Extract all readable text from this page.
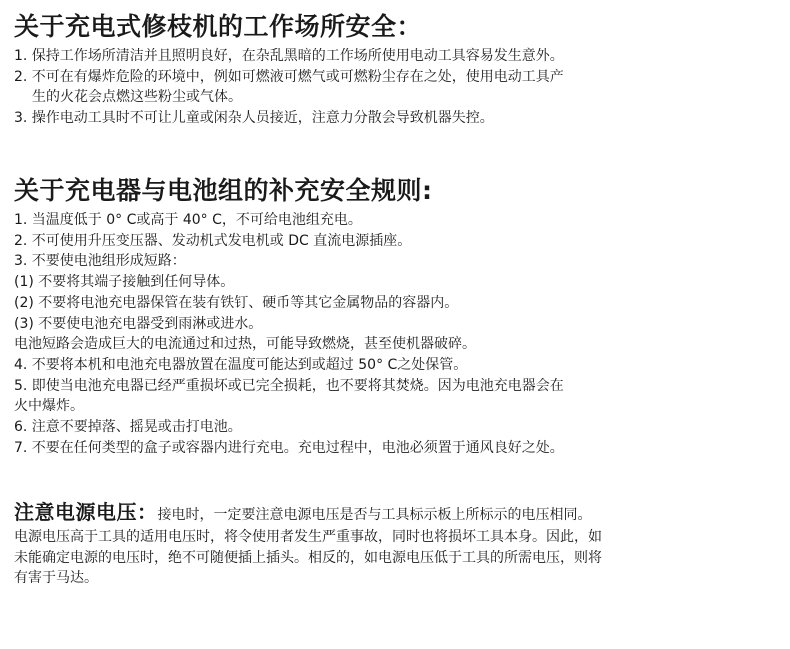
关于充电式修枝机的工作场所安全：

1. 保持工作场所清洁并且照明良好，在杂乱黑暗的工作场所使用电动工具容易发生意外。

2. 不可在有爆炸危险的环境中，例如可燃液可燃气或可燃粉尘存在之处，使用电动工具产

生的火花会点燃这些粉尘或气体。

3. 操作电动工具时不可让儿童或闲杂人员接近，注意力分散会导致机器失控。

关于充电器与电池组的补充安全规则:

1. 当温度低于 0° C或高于 40° C，不可给电池组充电。

2. 不可使用升压变压器、发动机式发电机或 DC 直流电源插座。

3. 不要使电池组形成短路：

(1) 不要将其端子接触到任何导体。

(2) 不要将电池充电器保管在装有铁钉、硬币等其它金属物品的容器内。

(3) 不要使电池充电器受到雨淋或进水。

电池短路会造成巨大的电流通过和过热，可能导致燃烧，甚至使机器破碎。

4. 不要将本机和电池充电器放置在温度可能达到或超过 50° C之处保管。

5. 即使当电池充电器已经严重损坏或已完全损耗，也不要将其焚烧。因为电池充电器会在

火中爆炸。

6. 注意不要掉落、摇晃或击打电池。

7. 不要在任何类型的盒子或容器内进行充电。充电过程中，电池必须置于通风良好之处。

注意电源电压：接电时，一定要注意电源电压是否与工具标示板上所标示的电压相同。

电源电压高于工具的适用电压时，将令使用者发生严重事故，同时也将损坏工具本身。因此，如

未能确定电源的电压时，绝不可随便插上插头。相反的，如电源电压低于工具的所需电压，则将

有害于马达。
